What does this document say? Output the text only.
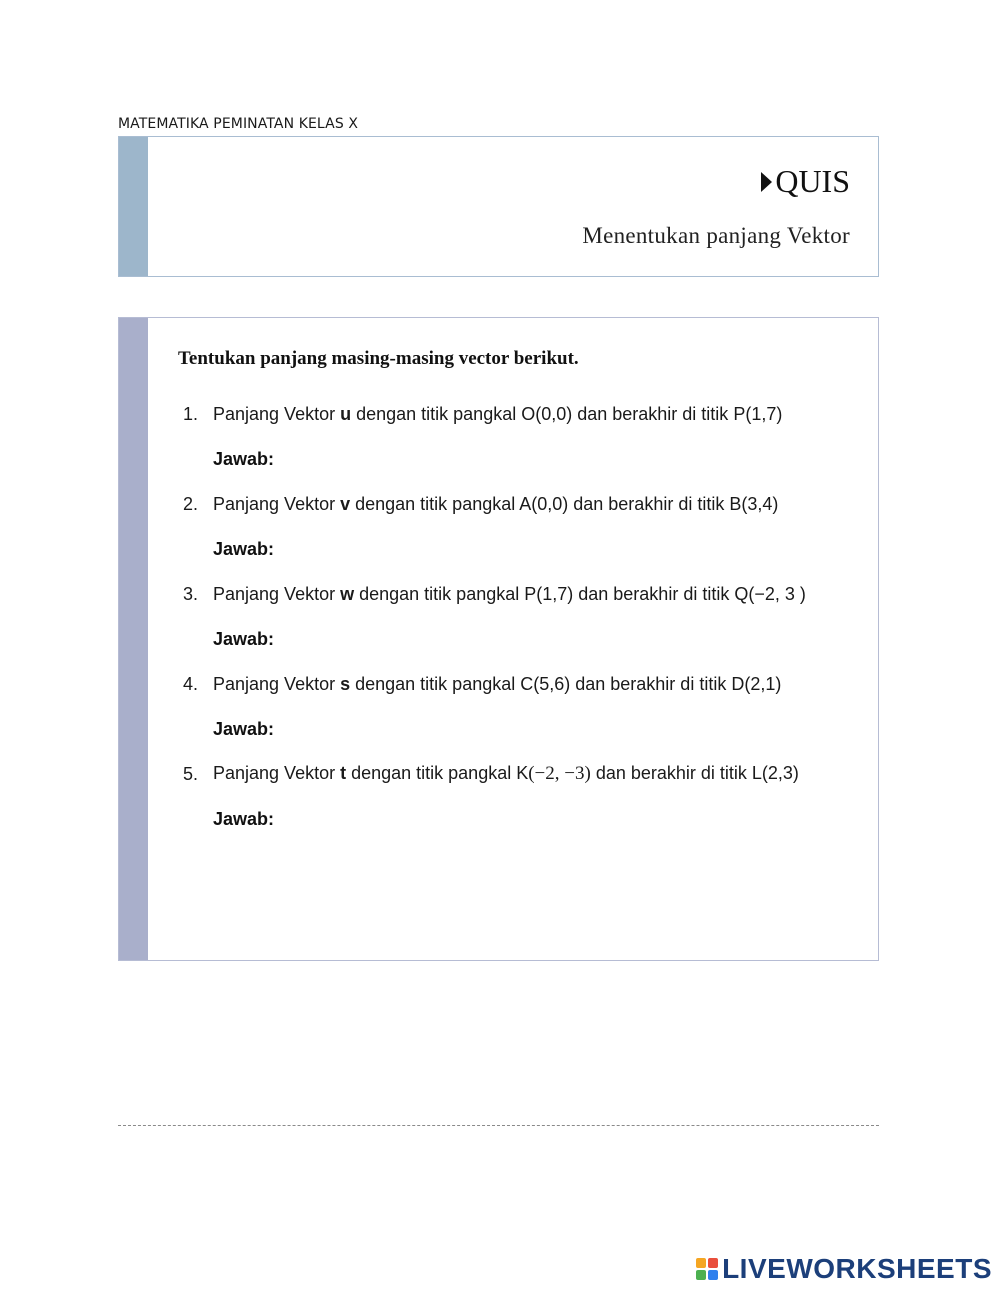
MATEMATIKA PEMINATAN KELAS X
QUIS
Menentukan panjang Vektor
Tentukan panjang masing-masing vector berikut.
1. Panjang Vektor u dengan titik pangkal O(0,0) dan berakhir di titik P(1,7)
Jawab:
2. Panjang Vektor v dengan titik pangkal A(0,0) dan berakhir di titik B(3,4)
Jawab:
3. Panjang Vektor w dengan titik pangkal P(1,7) dan berakhir di titik Q(−2, 3 )
Jawab:
4. Panjang Vektor s dengan titik pangkal C(5,6) dan berakhir di titik D(2,1)
Jawab:
5. Panjang Vektor t dengan titik pangkal K(−2, −3) dan berakhir di titik L(2,3)
Jawab:
LIVEWORKSHEETS
